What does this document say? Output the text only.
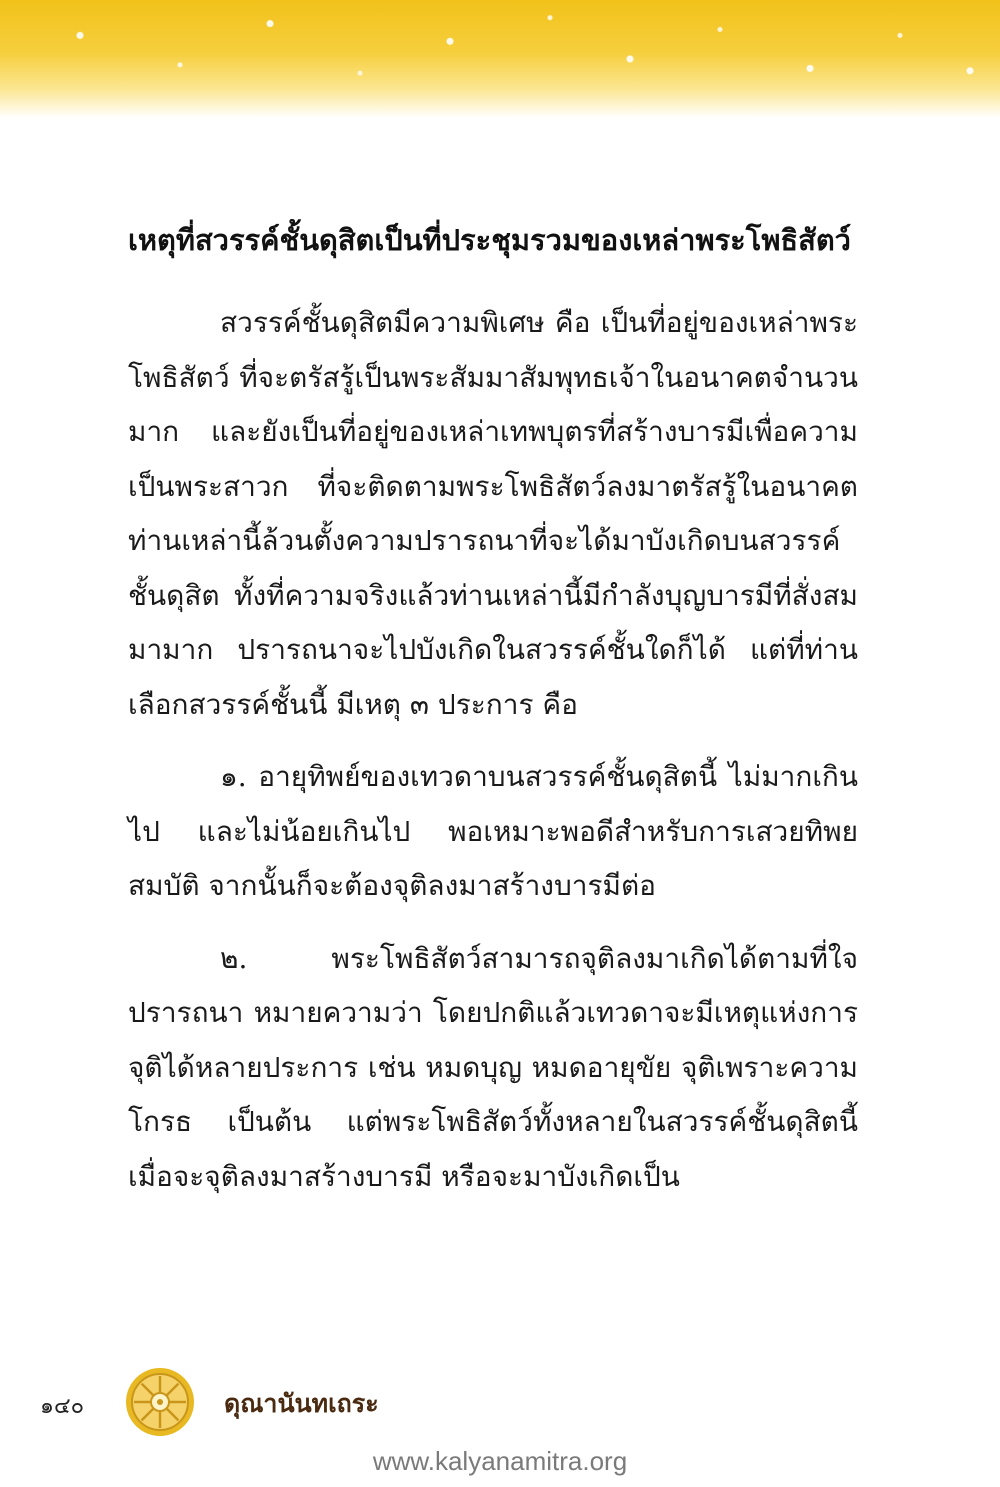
เหตุที่สวรรค์ชั้นดุสิตเป็นที่ประชุมรวมของเหล่าพระโพธิสัตว์

สวรรค์ชั้นดุสิตมีความพิเศษ คือ เป็นที่อยู่ของเหล่าพระโพธิสัตว์ ที่จะตรัสรู้เป็นพระสัมมาสัมพุทธเจ้าในอนาคตจำนวนมาก และยังเป็นที่อยู่ของเหล่าเทพบุตรที่สร้างบารมีเพื่อความเป็นพระสาวก ที่จะติดตามพระโพธิสัตว์ลงมาตรัสรู้ในอนาคต ท่านเหล่านี้ล้วนตั้งความปรารถนาที่จะได้มาบังเกิดบนสวรรค์ชั้นดุสิต ทั้งที่ความจริงแล้วท่านเหล่านี้มีกำลังบุญบารมีที่สั่งสมมามาก ปรารถนาจะไปบังเกิดในสวรรค์ชั้นใดก็ได้ แต่ที่ท่านเลือกสวรรค์ชั้นนี้ มีเหตุ ๓ ประการ คือ

๑. อายุทิพย์ของเทวดาบนสวรรค์ชั้นดุสิตนี้ ไม่มากเกินไป และไม่น้อยเกินไป พอเหมาะพอดีสำหรับการเสวยทิพยสมบัติ จากนั้นก็จะต้องจุติลงมาสร้างบารมีต่อ

๒. พระโพธิสัตว์สามารถจุติลงมาเกิดได้ตามที่ใจปรารถนา หมายความว่า โดยปกติแล้วเทวดาจะมีเหตุแห่งการจุติได้หลายประการ เช่น หมดบุญ หมดอายุขัย จุติเพราะความโกรธ เป็นต้น แต่พระโพธิสัตว์ทั้งหลายในสวรรค์ชั้นดุสิตนี้ เมื่อจะจุติลงมาสร้างบารมี หรือจะมาบังเกิดเป็น

๑๔๐	ดุณานันทเถระ
www.kalyanamitra.org
